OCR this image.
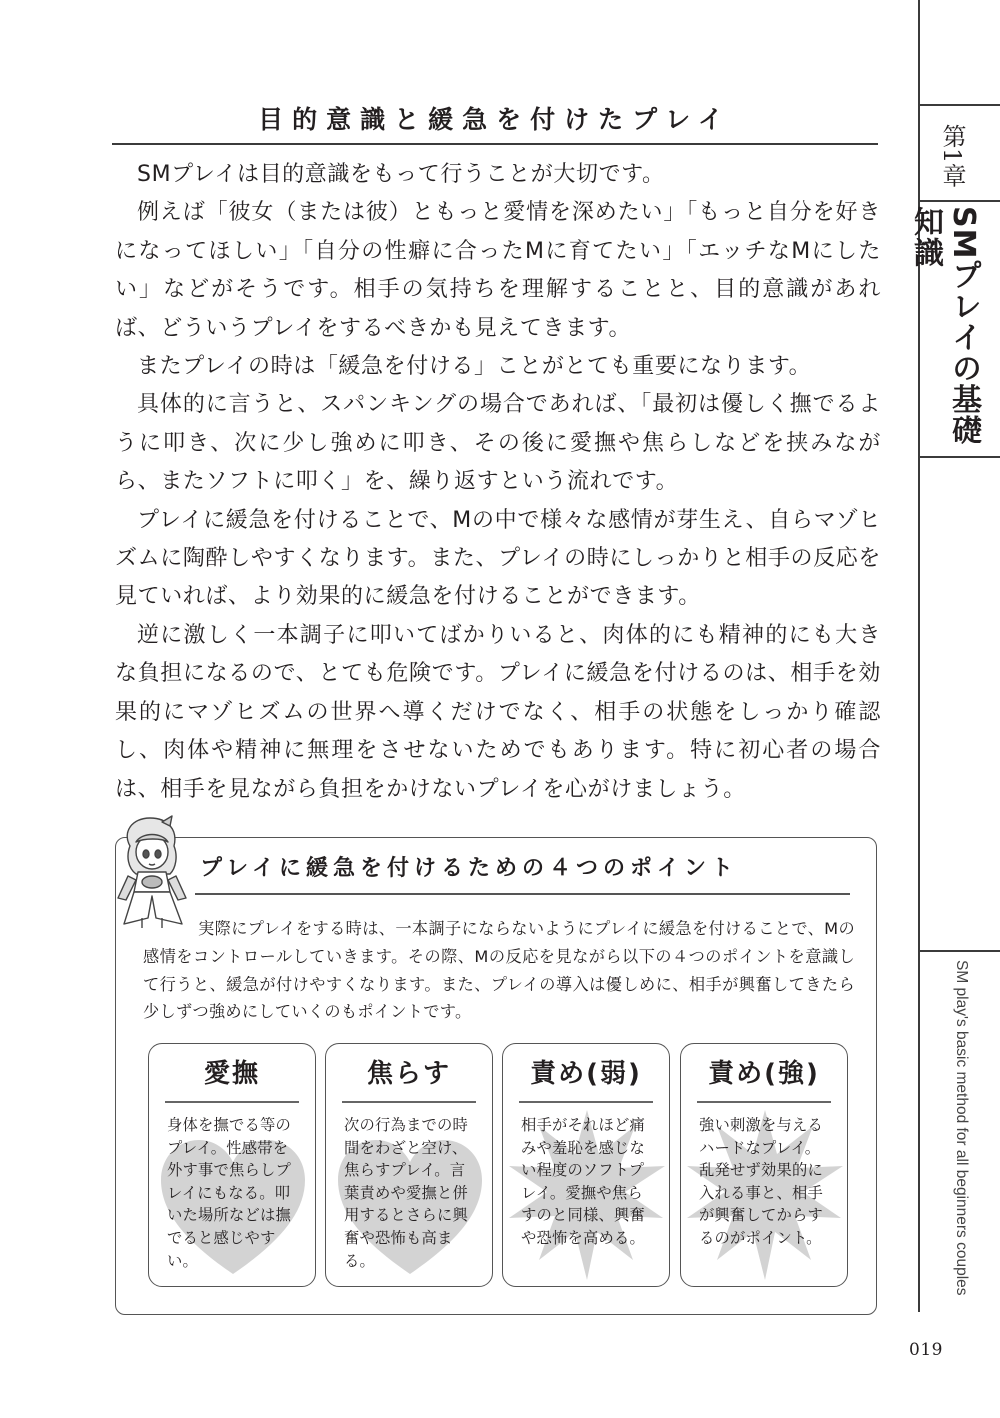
第1章
SMプレイの基礎知識
SM play's basic method for all beginners couples
019
目的意識と緩急を付けたプレイ

SMプレイは目的意識をもって行うことが大切です。

例えば「彼女（または彼）ともっと愛情を深めたい」「もっと自分を好きになってほしい」「自分の性癖に合ったMに育てたい」「エッチなMにしたい」などがそうです。相手の気持ちを理解することと、目的意識があれば、どういうプレイをするべきかも見えてきます。

またプレイの時は「緩急を付ける」ことがとても重要になります。

具体的に言うと、スパンキングの場合であれば、「最初は優しく撫でるように叩き、次に少し強めに叩き、その後に愛撫や焦らしなどを挟みながら、またソフトに叩く」を、繰り返すという流れです。

プレイに緩急を付けることで、Mの中で様々な感情が芽生え、自らマゾヒズムに陶酔しやすくなります。また、プレイの時にしっかりと相手の反応を見ていれば、より効果的に緩急を付けることができます。

逆に激しく一本調子に叩いてばかりいると、肉体的にも精神的にも大きな負担になるので、とても危険です。プレイに緩急を付けるのは、相手を効果的にマゾヒズムの世界へ導くだけでなく、相手の状態をしっかり確認し、肉体や精神に無理をさせないためでもあります。特に初心者の場合は、相手を見ながら負担をかけないプレイを心がけましょう。

プレイに緩急を付けるための４つのポイント

実際にプレイをする時は、一本調子にならないようにプレイに緩急を付けることで、Mの感情をコントロールしていきます。その際、Mの反応を見ながら以下の４つのポイントを意識して行うと、緩急が付けやすくなります。また、プレイの導入は優しめに、相手が興奮してきたら少しずつ強めにしていくのもポイントです。

愛撫
身体を撫でる等のプレイ。性感帯を外す事で焦らしプレイにもなる。叩いた場所などは撫でると感じやすい。
焦らす
次の行為までの時間をわざと空け、焦らすプレイ。言葉責めや愛撫と併用するとさらに興奮や恐怖も高まる。
責め(弱)
相手がそれほど痛みや羞恥を感じない程度のソフトプレイ。愛撫や焦らすのと同様、興奮や恐怖を高める。
責め(強)
強い刺激を与えるハードなプレイ。乱発せず効果的に入れる事と、相手が興奮してからするのがポイント。
